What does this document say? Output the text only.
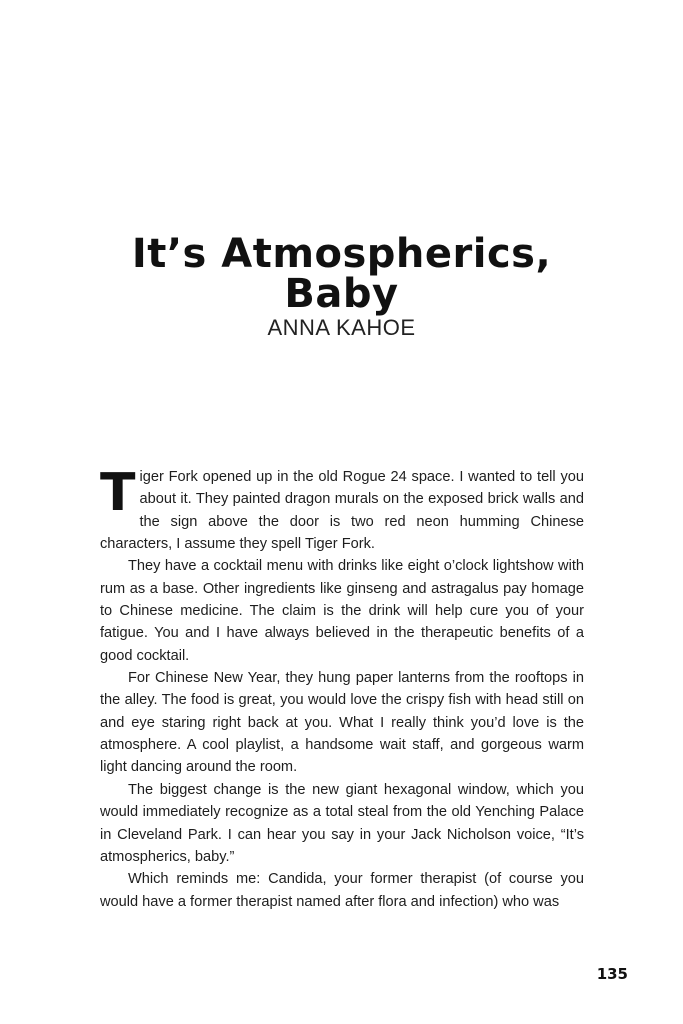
It’s Atmospherics,
Baby
ANNA KAHOE

Tiger Fork opened up in the old Rogue 24 space. I wanted to tell you about it. They painted dragon murals on the exposed brick walls and the sign above the door is two red neon humming Chinese characters, I assume they spell Tiger Fork.

They have a cocktail menu with drinks like eight o’clock lightshow with rum as a base. Other ingredients like ginseng and astragalus pay homage to Chinese medicine. The claim is the drink will help cure you of your fatigue. You and I have always believed in the therapeutic benefits of a good cocktail.

For Chinese New Year, they hung paper lanterns from the rooftops in the alley. The food is great, you would love the crispy fish with head still on and eye staring right back at you. What I really think you’d love is the atmosphere. A cool playlist, a handsome wait staff, and gorgeous warm light dancing around the room.

The biggest change is the new giant hexagonal window, which you would immediately recognize as a total steal from the old Yenching Palace in Cleveland Park. I can hear you say in your Jack Nicholson voice, “It’s atmospherics, baby.”

Which reminds me: Candida, your former therapist (of course you would have a former therapist named after flora and infection) who was

135
